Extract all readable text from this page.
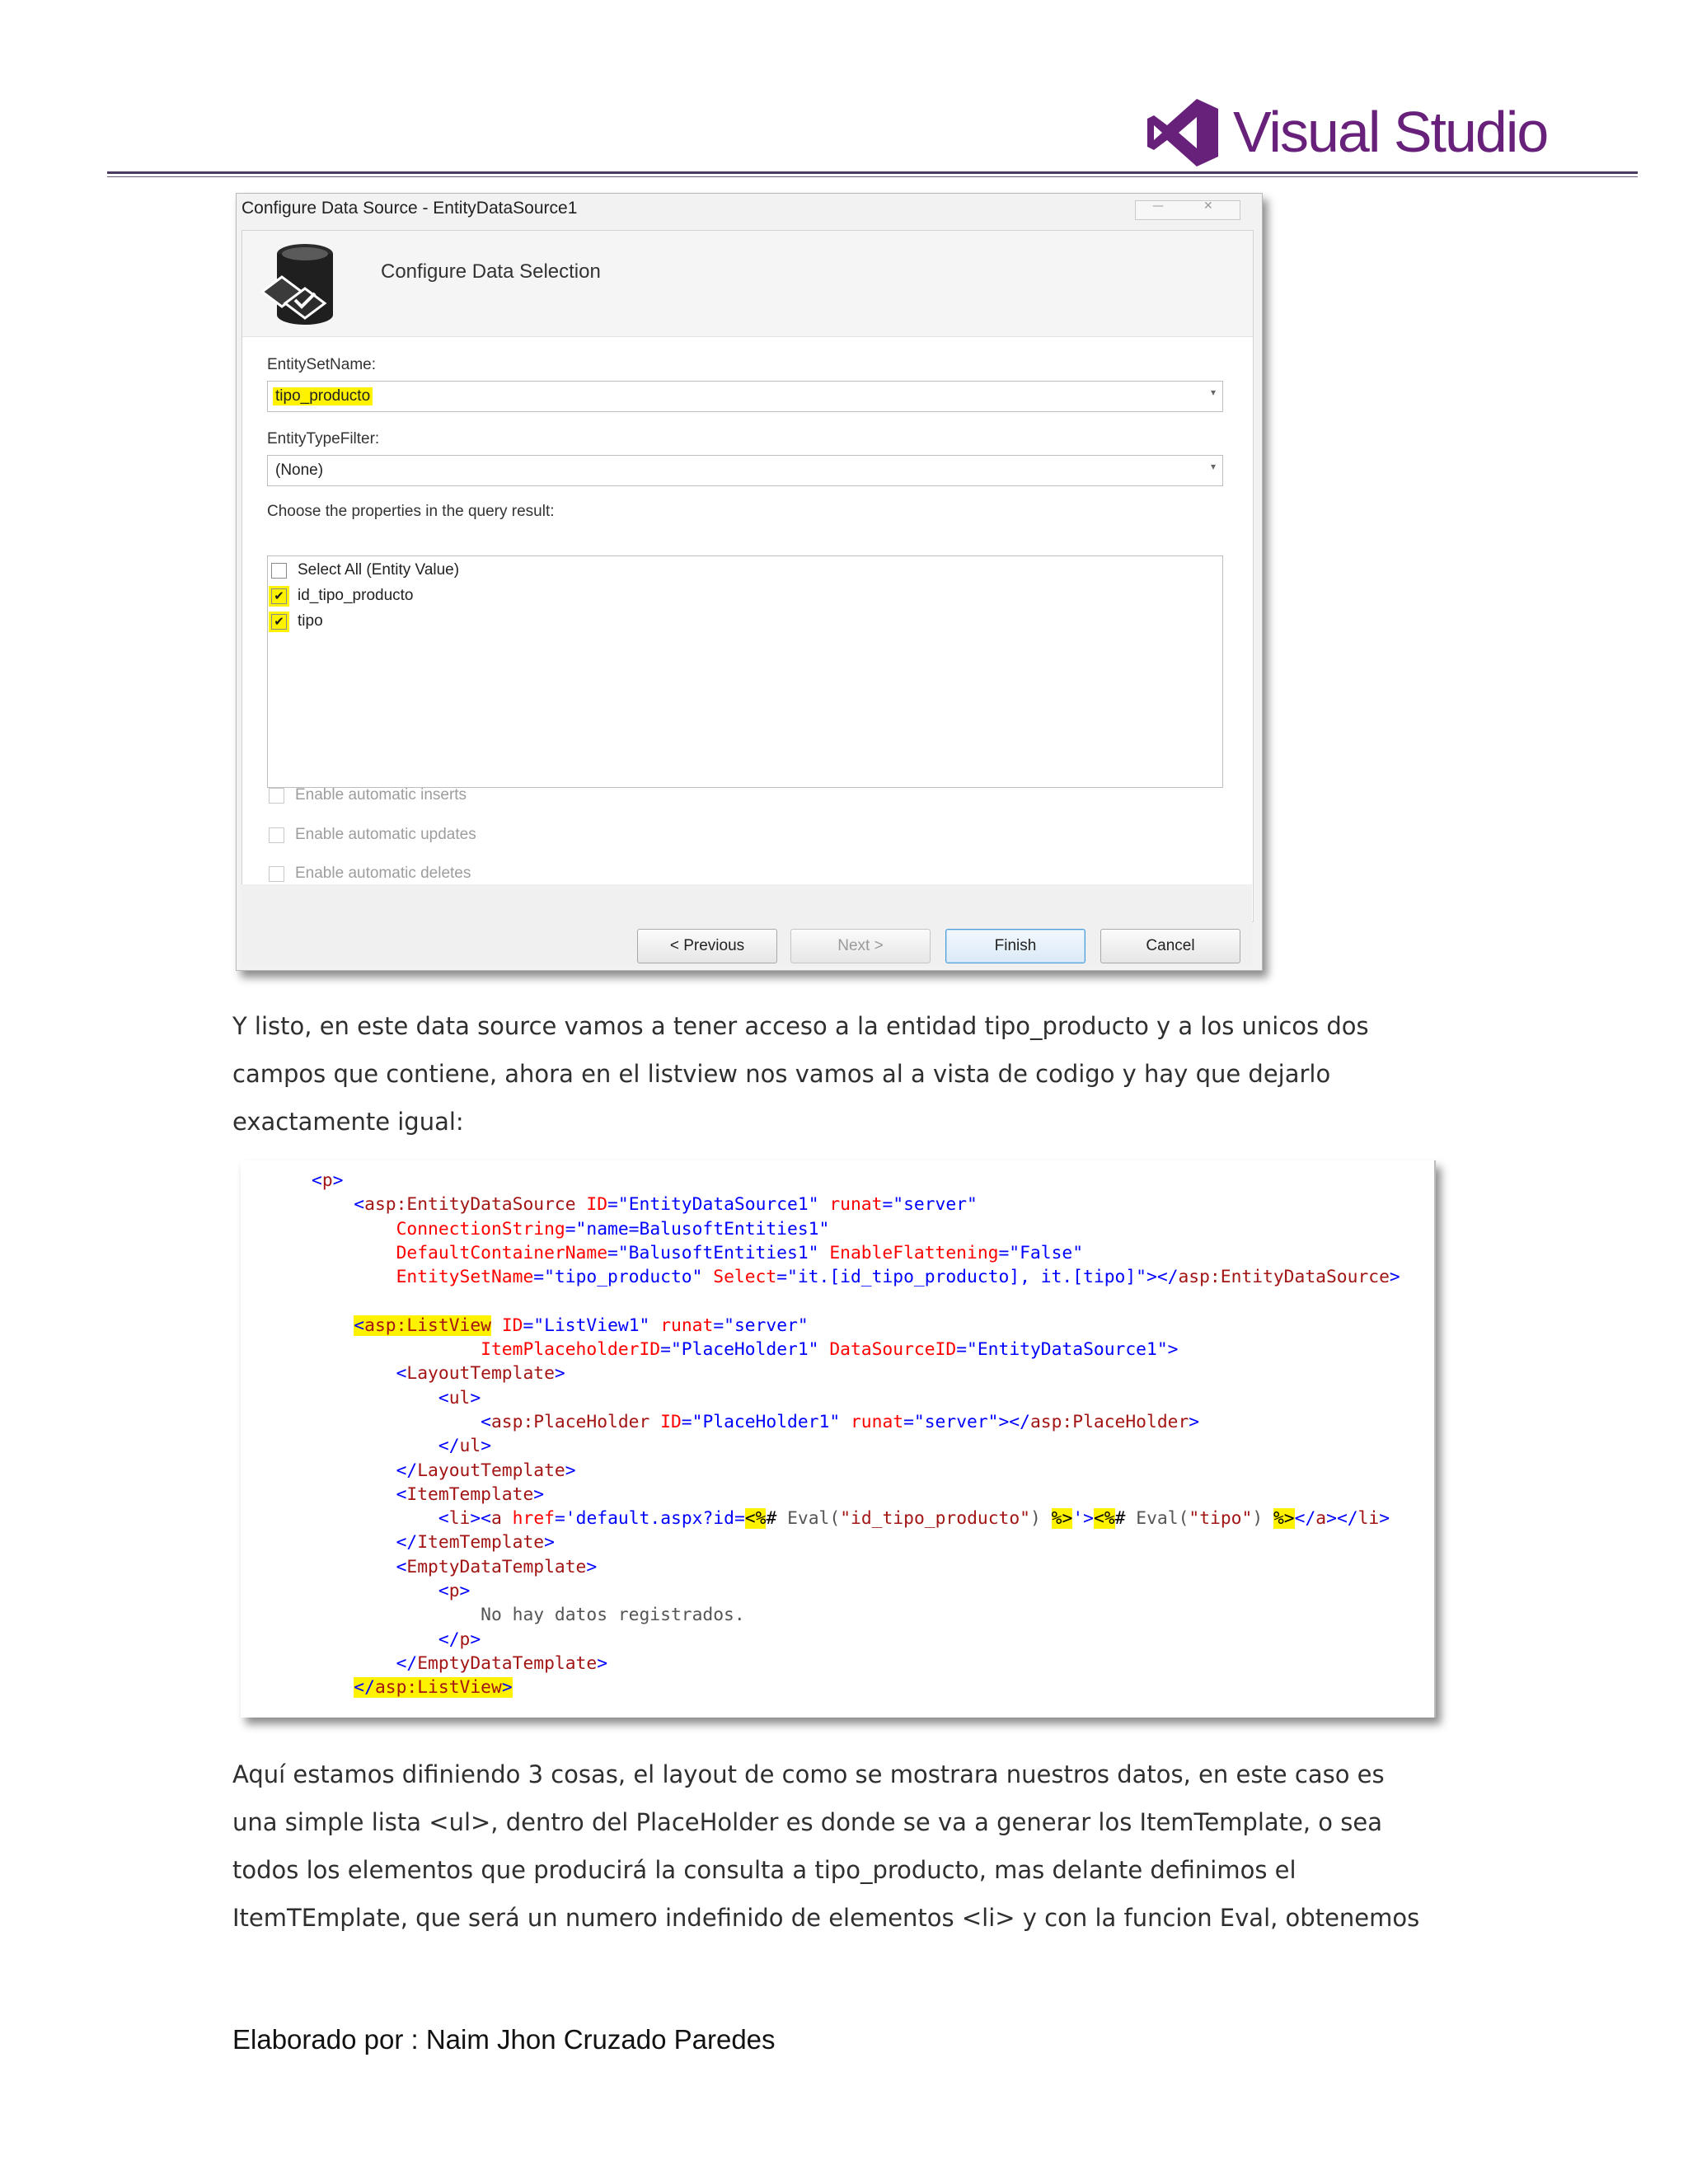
Visual Studio
Configure Data Source - EntityDataSource1	—	✕
Configure Data Selection
EntitySetName:
tipo_producto	▾
EntityTypeFilter:
(None)	▾
Choose the properties in the query result:
Select All (Entity Value)
✔ id_tipo_producto
✔ tipo
Enable automatic inserts
Enable automatic updates
Enable automatic deletes
< Previous	Next >	Finish	Cancel
Y listo, en este data source vamos a tener acceso a la entidad tipo_producto y a los unicos dos
campos que contiene, ahora en el listview nos vamos al a vista de codigo y hay que dejarlo
exactamente igual:
<p>
<asp:EntityDataSource ID="EntityDataSource1" runat="server"
ConnectionString="name=BalusoftEntities1"
DefaultContainerName="BalusoftEntities1" EnableFlattening="False"
EntitySetName="tipo_producto" Select="it.[id_tipo_producto], it.[tipo]"></asp:EntityDataSource>

<asp:ListView ID="ListView1" runat="server"
ItemPlaceholderID="PlaceHolder1" DataSourceID="EntityDataSource1">
<LayoutTemplate>
<ul>
<asp:PlaceHolder ID="PlaceHolder1" runat="server"></asp:PlaceHolder>
</ul>
</LayoutTemplate>
<ItemTemplate>
<li><a href='default.aspx?id=<%# Eval("id_tipo_producto") %>'><%# Eval("tipo") %></a></li>
</ItemTemplate>
<EmptyDataTemplate>
<p>
No hay datos registrados.
</p>
</EmptyDataTemplate>
</asp:ListView>
Aquí estamos difiniendo 3 cosas, el layout de como se mostrara nuestros datos, en este caso es
una simple lista <ul>, dentro del PlaceHolder es donde se va a generar los ItemTemplate, o sea
todos los elementos que producirá la consulta a tipo_producto, mas delante definimos el
ItemTEmplate, que será un numero indefinido de elementos <li> y con la funcion Eval, obtenemos
Elaborado por : Naim Jhon Cruzado Paredes
